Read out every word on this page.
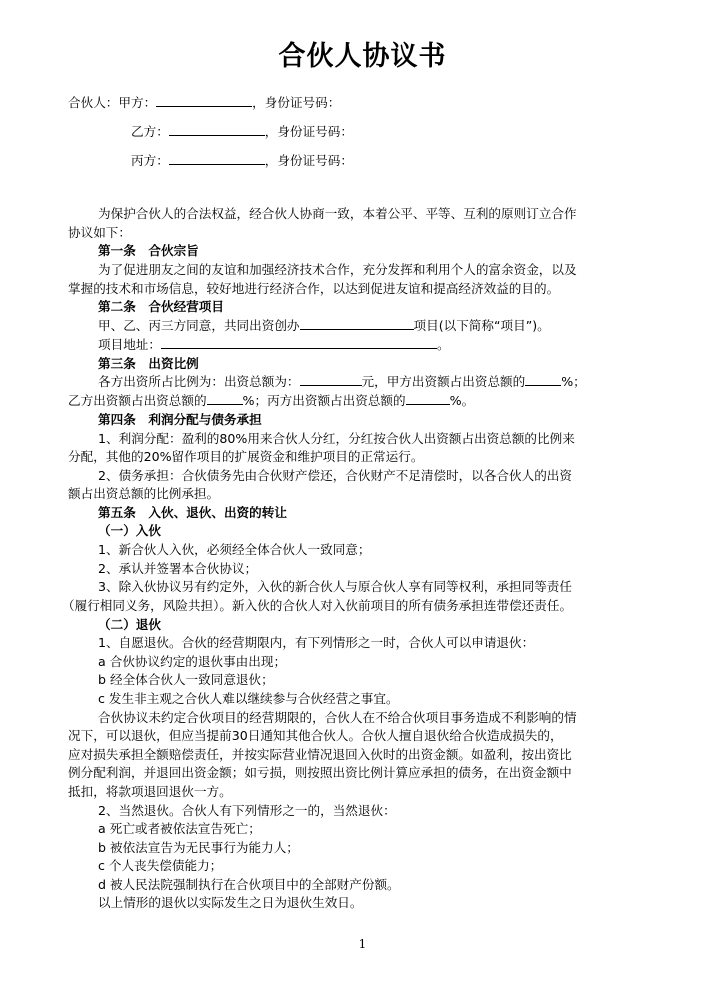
合伙人协议书
合伙人：甲方：	，身份证号码：
乙方：	，身份证号码：
丙方：	，身份证号码：
为保护合伙人的合法权益，经合伙人协商一致，本着公平、平等、互利的原则订立合作
协议如下：
第一条　合伙宗旨
为了促进朋友之间的友谊和加强经济技术合作，充分发挥和利用个人的富余资金，以及
掌握的技术和市场信息，较好地进行经济合作，以达到促进友谊和提高经济效益的目的。
第二条　合伙经营项目
甲、乙、丙三方同意，共同出资创办	项目(以下简称“项目”)。
项目地址：	。
第三条　出资比例
各方出资所占比例为：出资总额为：	元，甲方出资额占出资总额的	%；
乙方出资额占出资总额的	%；丙方出资额占出资总额的	%。
第四条　利润分配与债务承担
1、利润分配：盈利的80%用来合伙人分红，分红按合伙人出资额占出资总额的比例来
分配，其他的20%留作项目的扩展资金和维护项目的正常运行。
2、债务承担：合伙债务先由合伙财产偿还，合伙财产不足清偿时，以各合伙人的出资
额占出资总额的比例承担。
第五条　入伙、退伙、出资的转让
（一）入伙
1、新合伙人入伙，必须经全体合伙人一致同意；
2、承认并签署本合伙协议；
3、除入伙协议另有约定外，入伙的新合伙人与原合伙人享有同等权利，承担同等责任
（履行相同义务，风险共担）。新入伙的合伙人对入伙前项目的所有债务承担连带偿还责任。
（二）退伙
1、自愿退伙。合伙的经营期限内，有下列情形之一时，合伙人可以申请退伙：
a 合伙协议约定的退伙事由出现；
b 经全体合伙人一致同意退伙；
c 发生非主观之合伙人难以继续参与合伙经营之事宜。
合伙协议未约定合伙项目的经营期限的，合伙人在不给合伙项目事务造成不利影响的情
况下，可以退伙，但应当提前30日通知其他合伙人。合伙人擅自退伙给合伙造成损失的，
应对损失承担全额赔偿责任，并按实际营业情况退回入伙时的出资金额。如盈利，按出资比
例分配利润，并退回出资金额；如亏损，则按照出资比例计算应承担的债务，在出资金额中
抵扣，将款项退回退伙一方。
2、当然退伙。合伙人有下列情形之一的，当然退伙：
a 死亡或者被依法宣告死亡；
b 被依法宣告为无民事行为能力人；
c 个人丧失偿债能力；
d 被人民法院强制执行在合伙项目中的全部财产份额。
以上情形的退伙以实际发生之日为退伙生效日。
1
